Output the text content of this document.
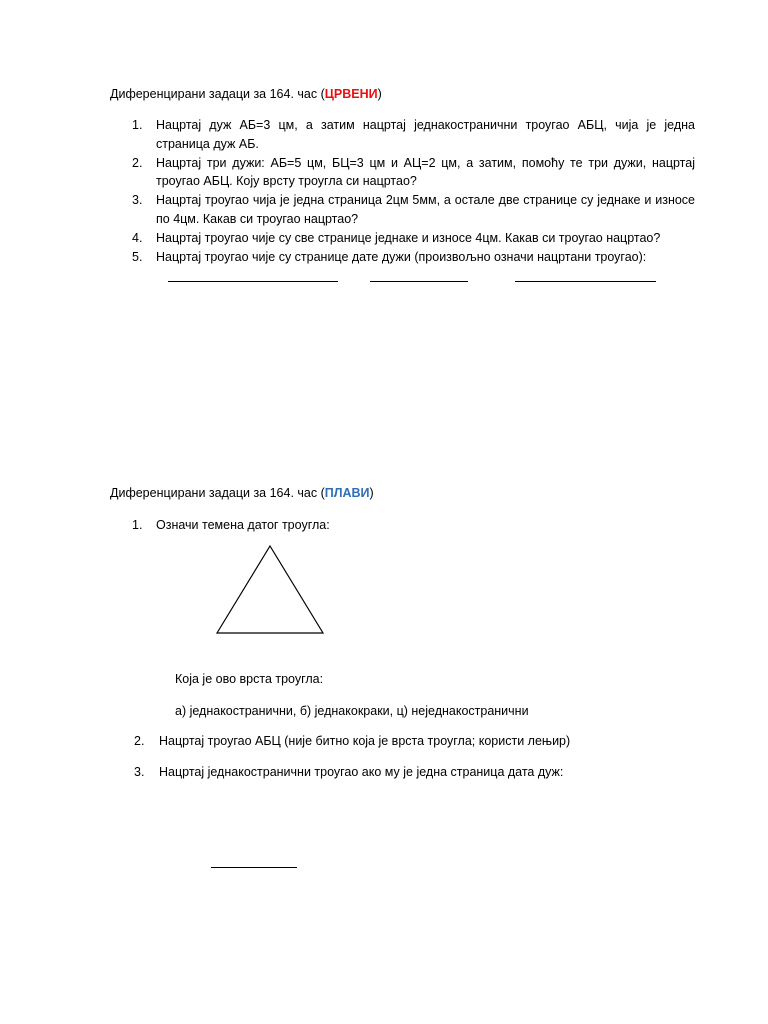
Диференцирани задаци за 164. час (ЦРВЕНИ)
1. Нацртај дуж АБ=3 цм, а затим нацртај једнакостранични троугао АБЦ, чија је једна страница дуж АБ.
2. Нацртај три дужи: АБ=5 цм, БЦ=3 цм и АЦ=2 цм, а затим, помоћу те три дужи, нацртај троугао АБЦ. Коју врсту троугла си нацртао?
3. Нацртај троугао чија је једна страница 2цм 5мм, а остале две странице су једнаке и износе по 4цм. Какав си троугао нацртао?
4. Нацртај троугао чије су све странице једнаке и износе 4цм. Какав си троугао нацртао?
5. Нацртај троугао чије су странице дате дужи (произвољно означи нацртани троугао):
Диференцирани задаци за 164. час (ПЛАВИ)
1. Означи темена датог троугла:
Која је ово врста троугла:
а) једнакостранични, б) једнакокраки, ц) неједнакостранични
2. Нацртај троугао АБЦ (није битно која је врста троугла; користи лењир)
3. Нацртај једнакостранични троугао ако му је једна страница дата дуж:
